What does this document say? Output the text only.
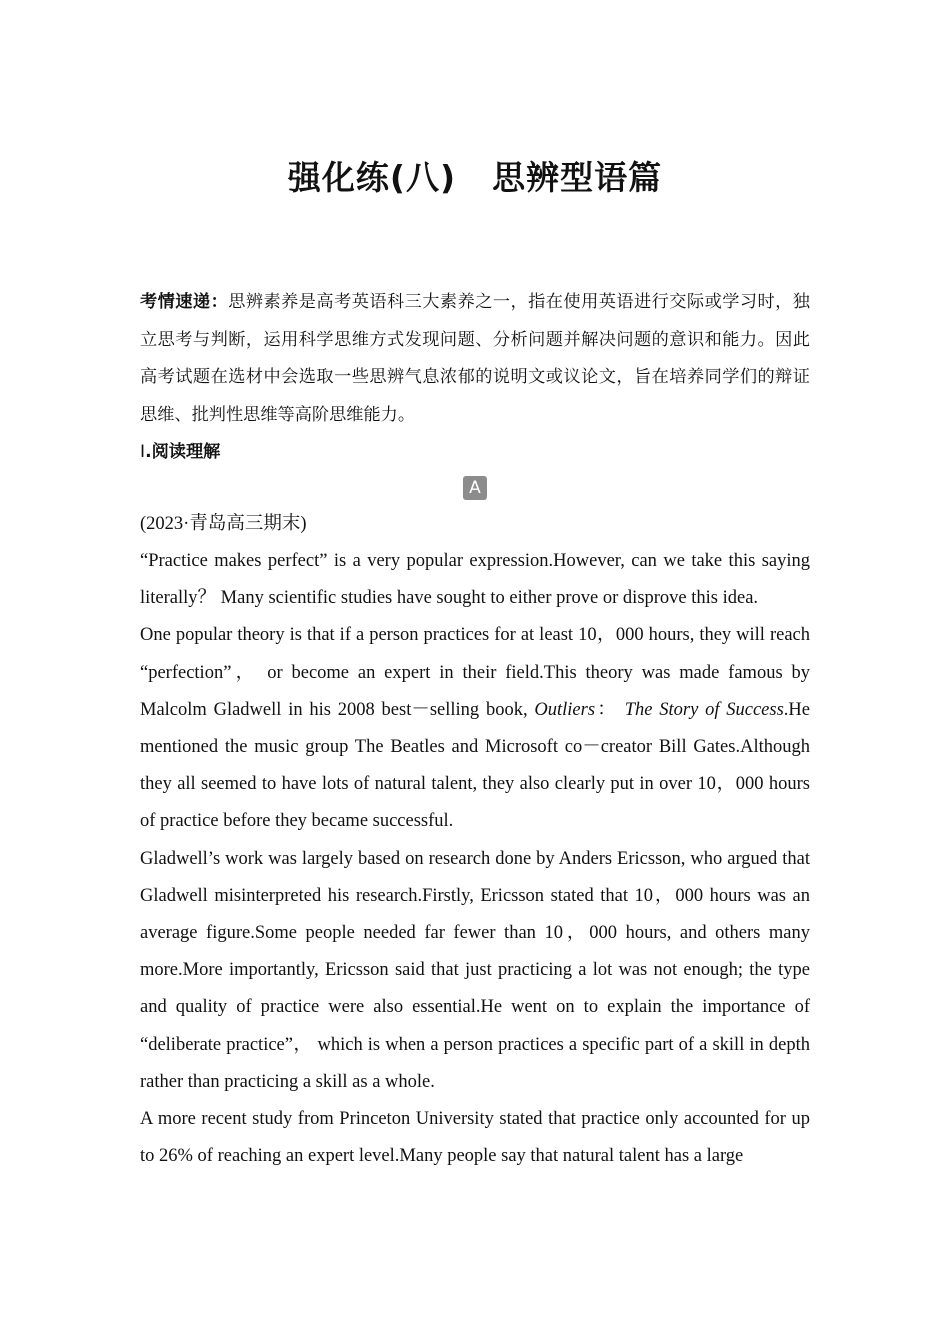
强化练(八) 思辨型语篇

考情速递：思辨素养是高考英语科三大素养之一，指在使用英语进行交际或学习时，独立思考与判断，运用科学思维方式发现问题、分析问题并解决问题的意识和能力。因此高考试题在选材中会选取一些思辨气息浓郁的说明文或议论文，旨在培养同学们的辩证思维、批判性思维等高阶思维能力。

Ⅰ.阅读理解

A

(2023·青岛高三期末)

“Practice makes perfect” is a very popular expression.However, can we take this saying literally？ Many scientific studies have sought to either prove or disprove this idea.

One popular theory is that if a person practices for at least 10，000 hours, they will reach “perfection”， or become an expert in their field.This theory was made famous by Malcolm Gladwell in his 2008 best－selling book, Outliers： The Story of Success.He mentioned the music group The Beatles and Microsoft co－creator Bill Gates.Although they all seemed to have lots of natural talent, they also clearly put in over 10，000 hours of practice before they became successful.

Gladwell’s work was largely based on research done by Anders Ericsson, who argued that Gladwell misinterpreted his research.Firstly, Ericsson stated that 10，000 hours was an average figure.Some people needed far fewer than 10，000 hours, and others many more.More importantly, Ericsson said that just practicing a lot was not enough; the type and quality of practice were also essential.He went on to explain the importance of “deliberate practice”， which is when a person practices a specific part of a skill in depth rather than practicing a skill as a whole.

A more recent study from Princeton University stated that practice only accounted for up to 26% of reaching an expert level.Many people say that natural talent has a large
